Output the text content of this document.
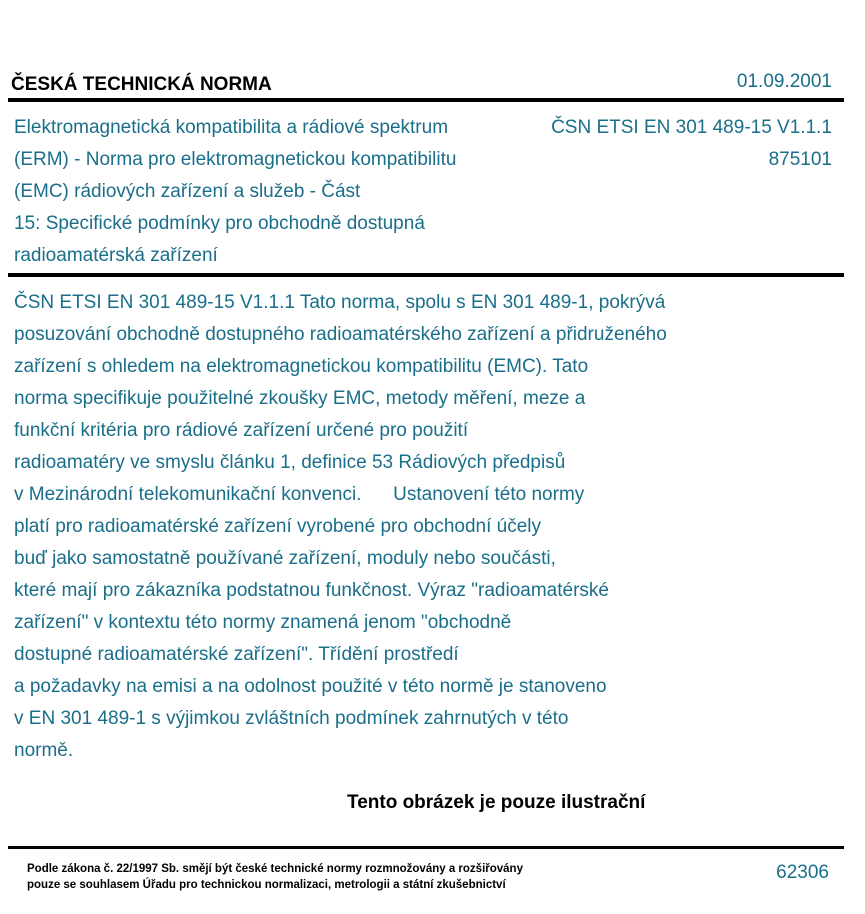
ČESKÁ TECHNICKÁ NORMA	01.09.2001
Elektromagnetická kompatibilita a rádiové spektrum
(ERM) - Norma pro elektromagnetickou kompatibilitu
(EMC) rádiových zařízení a služeb - Část
15: Specifické podmínky pro obchodně dostupná
radioamatérská zařízení
ČSN ETSI EN 301 489-15 V1.1.1
875101
ČSN ETSI EN 301 489-15 V1.1.1 Tato norma, spolu s EN 301 489-1, pokrývá
posuzování obchodně dostupného radioamatérského zařízení a přidruženého
zařízení s ohledem na elektromagnetickou kompatibilitu (EMC). Tato
norma specifikuje použitelné zkoušky EMC, metody měření, meze a
funkční kritéria pro rádiové zařízení určené pro použití
radioamatéry ve smyslu článku 1, definice 53 Rádiových předpisů
v Mezinárodní telekomunikační konvenci.      Ustanovení této normy
platí pro radioamatérské zařízení vyrobené pro obchodní účely
buď jako samostatně používané zařízení, moduly nebo součásti,
které mají pro zákazníka podstatnou funkčnost. Výraz "radioamatérské
zařízení" v kontextu této normy znamená jenom "obchodně
dostupné radioamatérské zařízení". Třídění prostředí
a požadavky na emisi a na odolnost použité v této normě je stanoveno
v EN 301 489-1 s výjimkou zvláštních podmínek zahrnutých v této
normě.
Tento obrázek je pouze ilustrační
Podle zákona č. 22/1997 Sb. smějí být české technické normy rozmnožovány a rozšiřovány
pouze se souhlasem Úřadu pro technickou normalizaci, metrologii a státní zkušebnictví
62306
